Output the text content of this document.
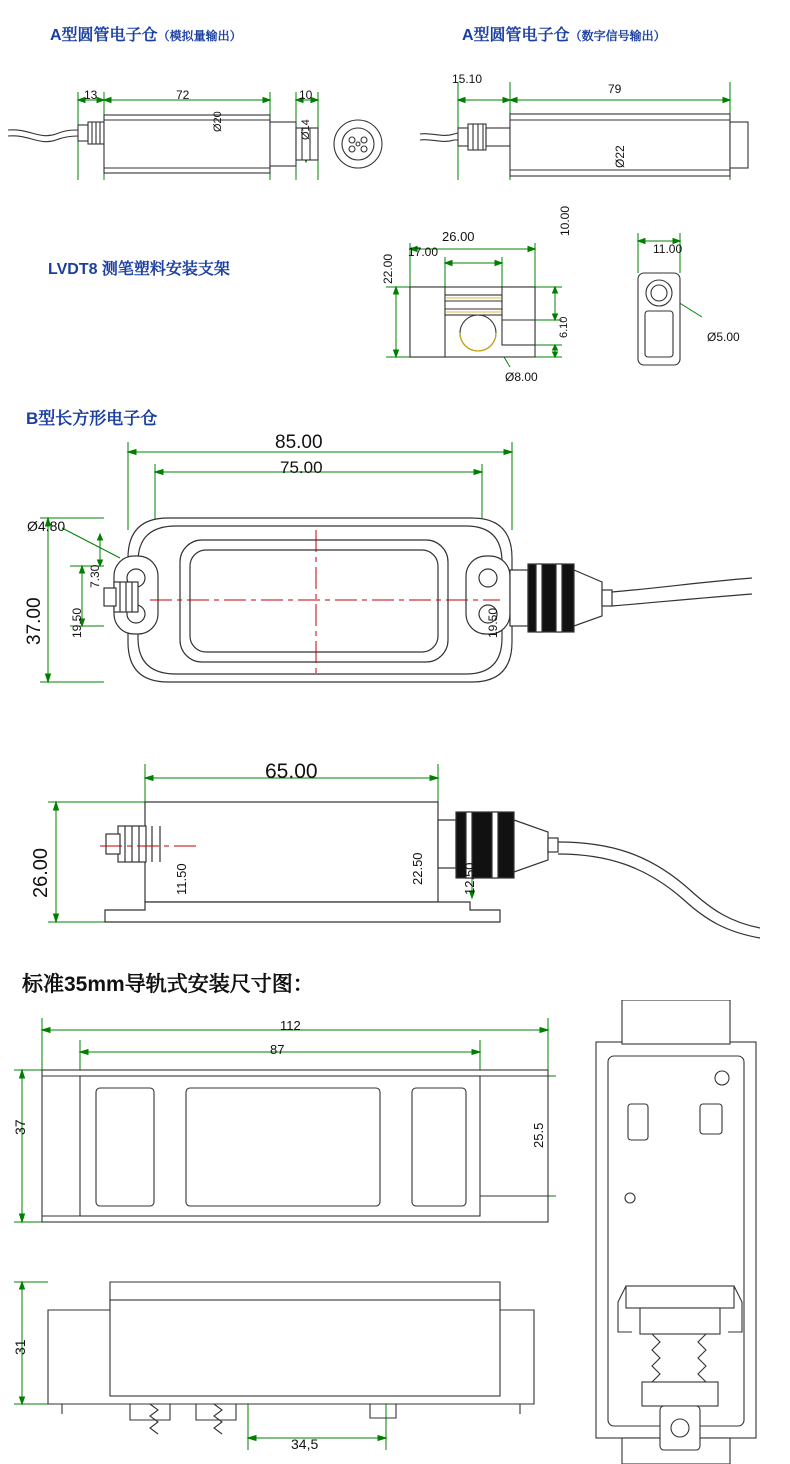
A型圆管电子仓（模拟量输出）
13	72	10
Ø20	Ø14
A型圆管电子仓（数字信号输出）
15.10
79
Ø22
LVDT8 测笔塑料安装支架
26.00
17.00
10.00
22.00
6.10
Ø8.00
11.00
Ø5.00
B型长方形电子仓
85.00
75.00
Ø4.80
37.00
7.30
19.50	19.50
65.00
26.00	11.50	22.50	12.50
标准35mm导轨式安装尺寸图：
112
87
37	25.5
31
34,5
